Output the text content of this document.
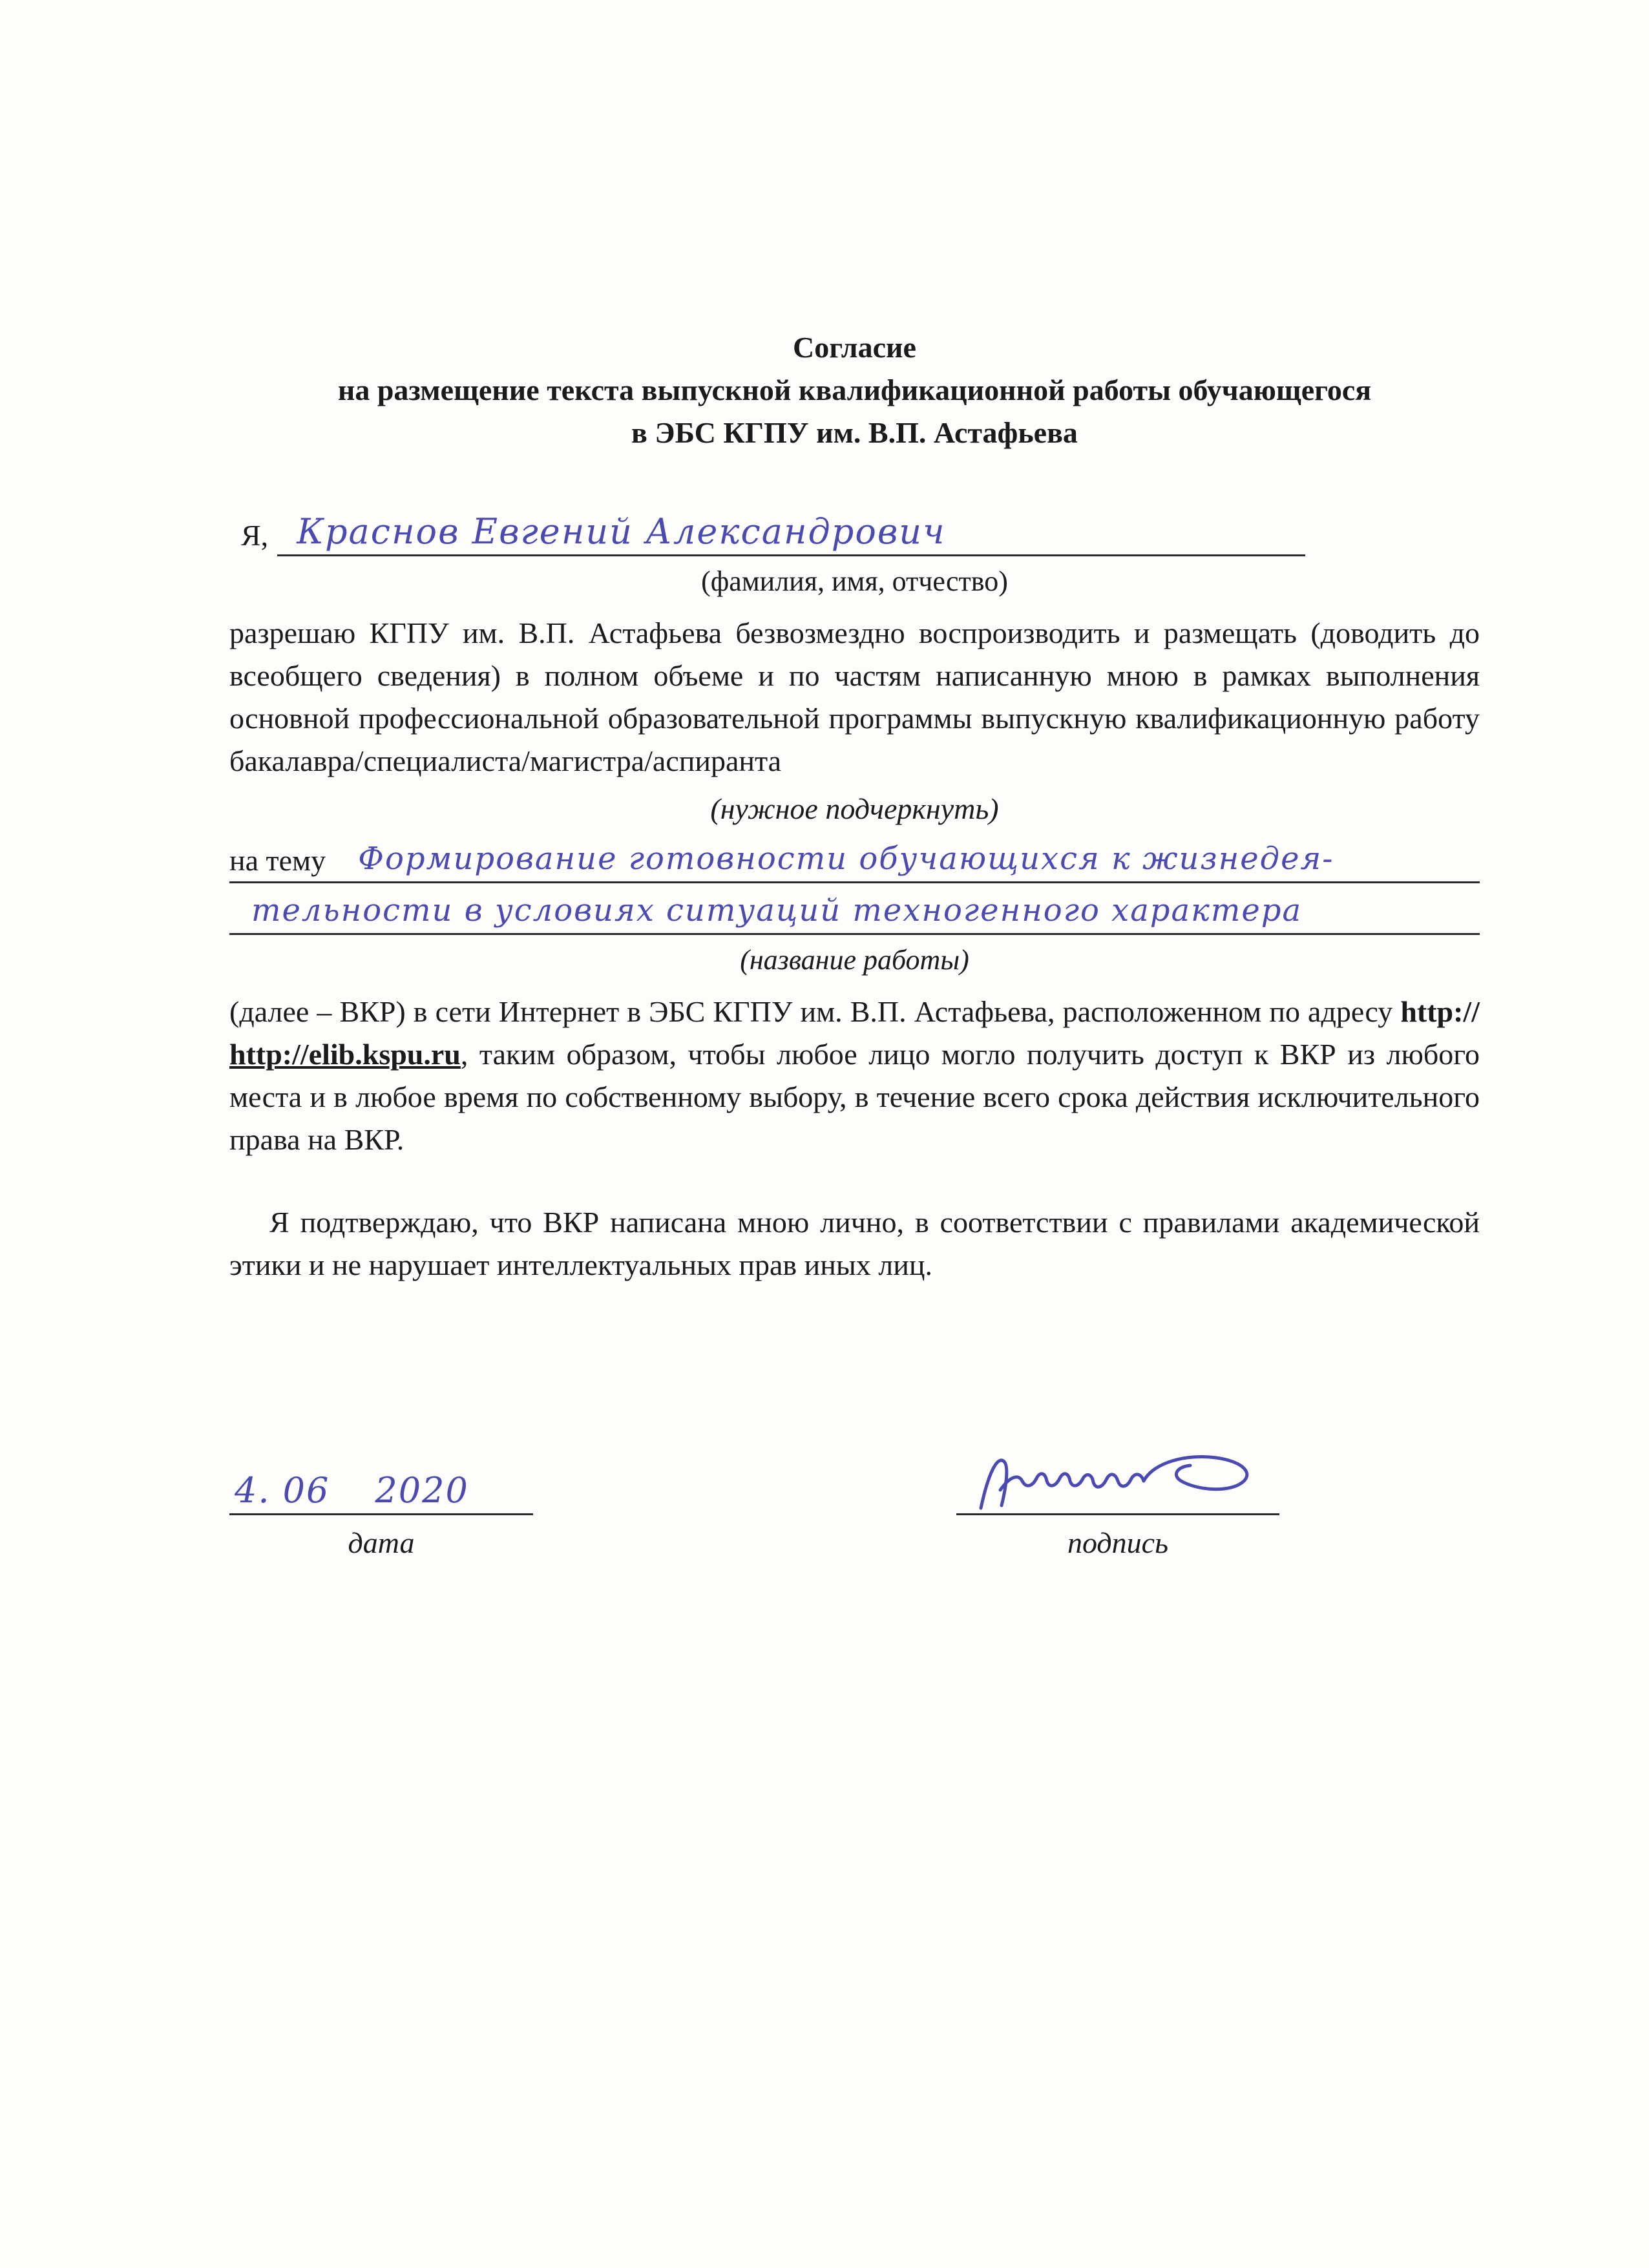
Согласие
на размещение текста выпускной квалификационной работы обучающегося
в ЭБС КГПУ им. В.П. Астафьева
Я, Краснов Евгений Александрович
(фамилия, имя, отчество)

разрешаю КГПУ им. В.П. Астафьева безвозмездно воспроизводить и размещать (доводить до всеобщего сведения) в полном объеме и по частям написанную мною в рамках выполнения основной профессиональной образовательной программы выпускную квалификационную работу бакалавра/специалиста/магистра/аспиранта

(нужное подчеркнуть)
на тему	Формирование готовности обучающихся к жизнедея-
тельности в условиях ситуаций техногенного характера
(название работы)

(далее – ВКР) в сети Интернет в ЭБС КГПУ им. В.П. Астафьева, расположенном по адресу http:// http://elib.kspu.ru, таким образом, чтобы любое лицо могло получить доступ к ВКР из любого места и в любое время по собственному выбору, в течение всего срока действия исключительного права на ВКР.

Я подтверждаю, что ВКР написана мною лично, в соответствии с правилами академической этики и не нарушает интеллектуальных прав иных лиц.

4. 06 2020
дата	подпись
